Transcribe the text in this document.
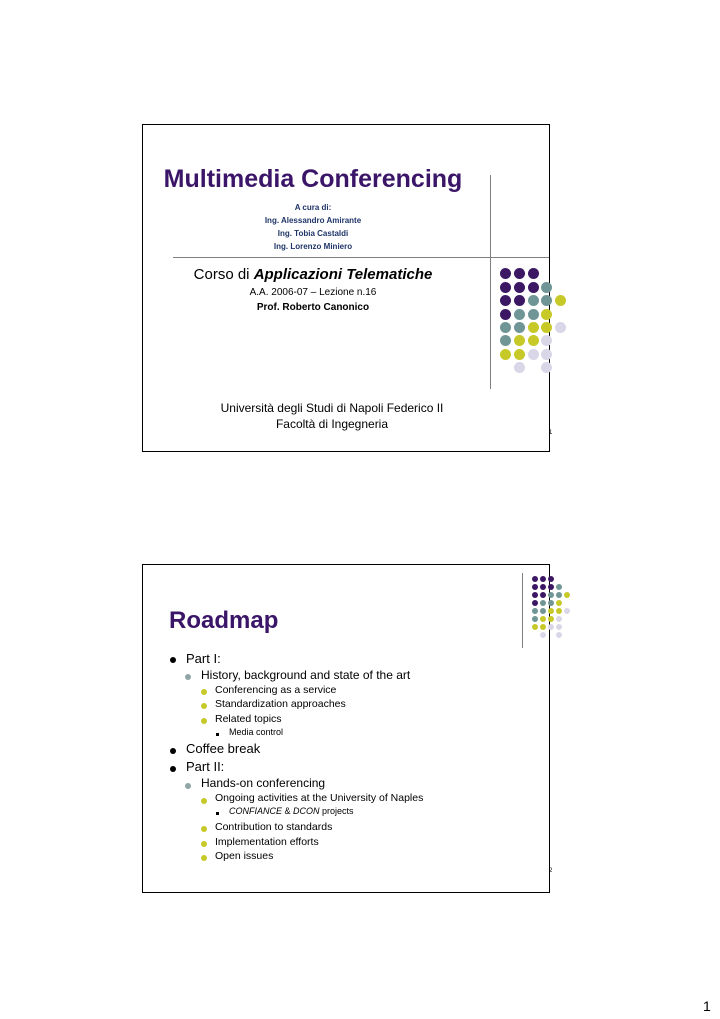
Multimedia Conferencing
A cura di:
Ing. Alessandro Amirante
Ing. Tobia Castaldi
Ing. Lorenzo Miniero
Corso di Applicazioni Telematiche
A.A. 2006-07 – Lezione n.16
Prof. Roberto Canonico
Università degli Studi di Napoli Federico II
Facoltà di Ingegneria
1
Roadmap
Part I:
History, background and state of the art
Conferencing as a service
Standardization approaches
Related topics
Media control
Coffee break
Part II:
Hands-on conferencing
Ongoing activities at the University of Naples
CONFIANCE & DCON projects
Contribution to standards
Implementation efforts
Open issues
2
1
